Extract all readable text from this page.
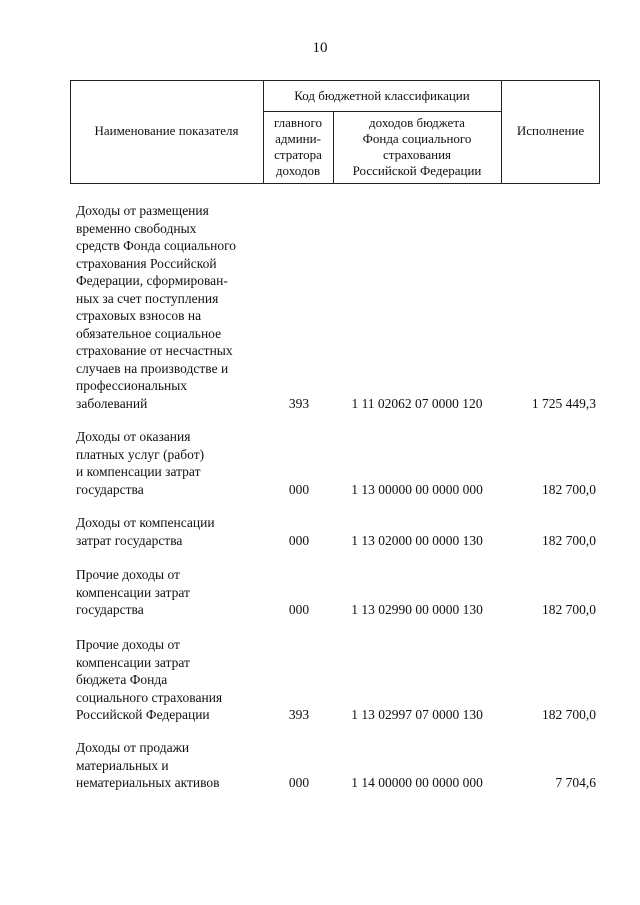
10
Наименование показателя
Код бюджетной классификации
главного
админи-
стратора
доходов
доходов бюджета
Фонда социального
страхования
Российской Федерации
Исполнение
Доходы от размещения
временно свободных
средств Фонда социального
страхования Российской
Федерации, сформирован-
ных за счет поступления
страховых взносов на
обязательное социальное
страхование от несчастных
случаев на производстве и
профессиональных
заболеваний	393	1 11 02062 07 0000 120	1 725 449,3
Доходы от оказания
платных услуг (работ)
и компенсации затрат
государства	000	1 13 00000 00 0000 000	182 700,0
Доходы от компенсации
затрат государства	000	1 13 02000 00 0000 130	182 700,0
Прочие доходы от
компенсации затрат
государства	000	1 13 02990 00 0000 130	182 700,0
Прочие доходы от
компенсации затрат
бюджета Фонда
социального страхования
Российской Федерации	393	1 13 02997 07 0000 130	182 700,0
Доходы от продажи
материальных и
нематериальных активов	000	1 14 00000 00 0000 000	7 704,6
